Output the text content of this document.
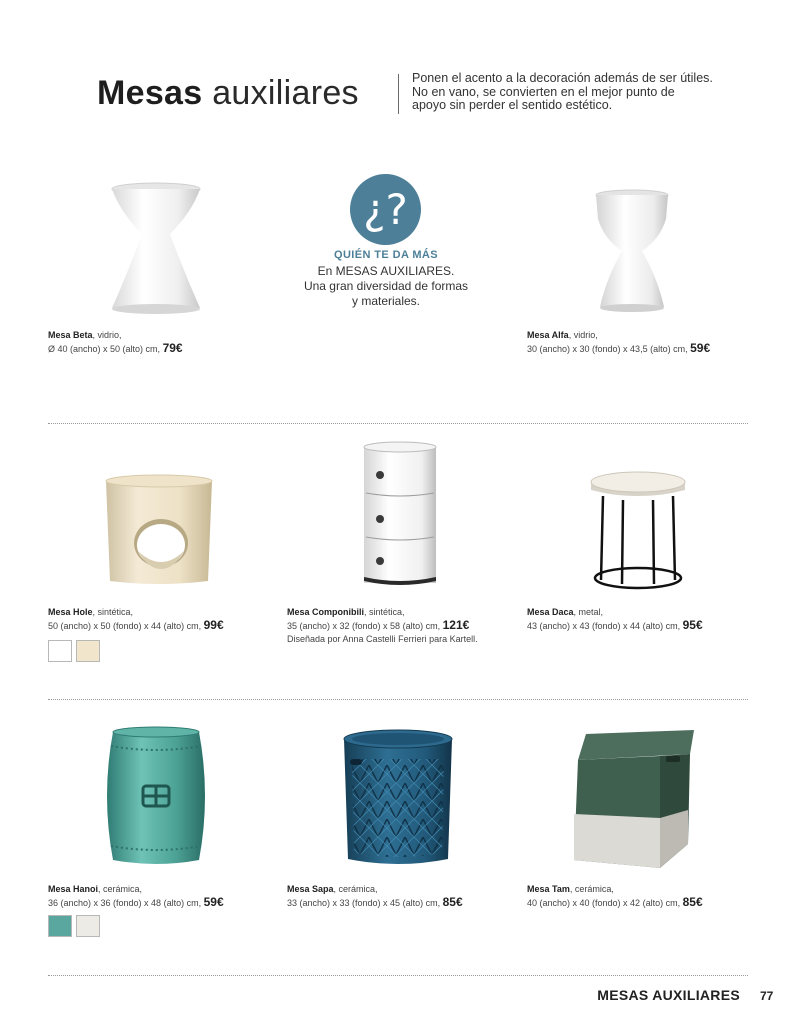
Mesas auxiliares	Ponen el acento a la decoración además de ser útiles.
No en vano, se convierten en el mejor punto de
apoyo sin perder el sentido estético.
¿?
QUIÉN TE DA MÁS
En MESAS AUXILIARES.
Una gran diversidad de formas
y materiales.
Mesa Beta, vidrio,
Ø 40 (ancho) x 50 (alto) cm, 79€
Mesa Alfa, vidrio,
30 (ancho) x 30 (fondo) x 43,5 (alto) cm, 59€
Mesa Hole, sintética,
50 (ancho) x 50 (fondo) x 44 (alto) cm, 99€
Mesa Componibili, sintética,
35 (ancho) x 32 (fondo) x 58 (alto) cm, 121€
Diseñada por Anna Castelli Ferrieri para Kartell.
Mesa Daca, metal,
43 (ancho) x 43 (fondo) x 44 (alto) cm, 95€
Mesa Hanoi, cerámica,
36 (ancho) x 36 (fondo) x 48 (alto) cm, 59€
Mesa Sapa, cerámica,
33 (ancho) x 33 (fondo) x 45 (alto) cm, 85€
Mesa Tam, cerámica,
40 (ancho) x 40 (fondo) x 42 (alto) cm, 85€
MESAS AUXILIARES 77
